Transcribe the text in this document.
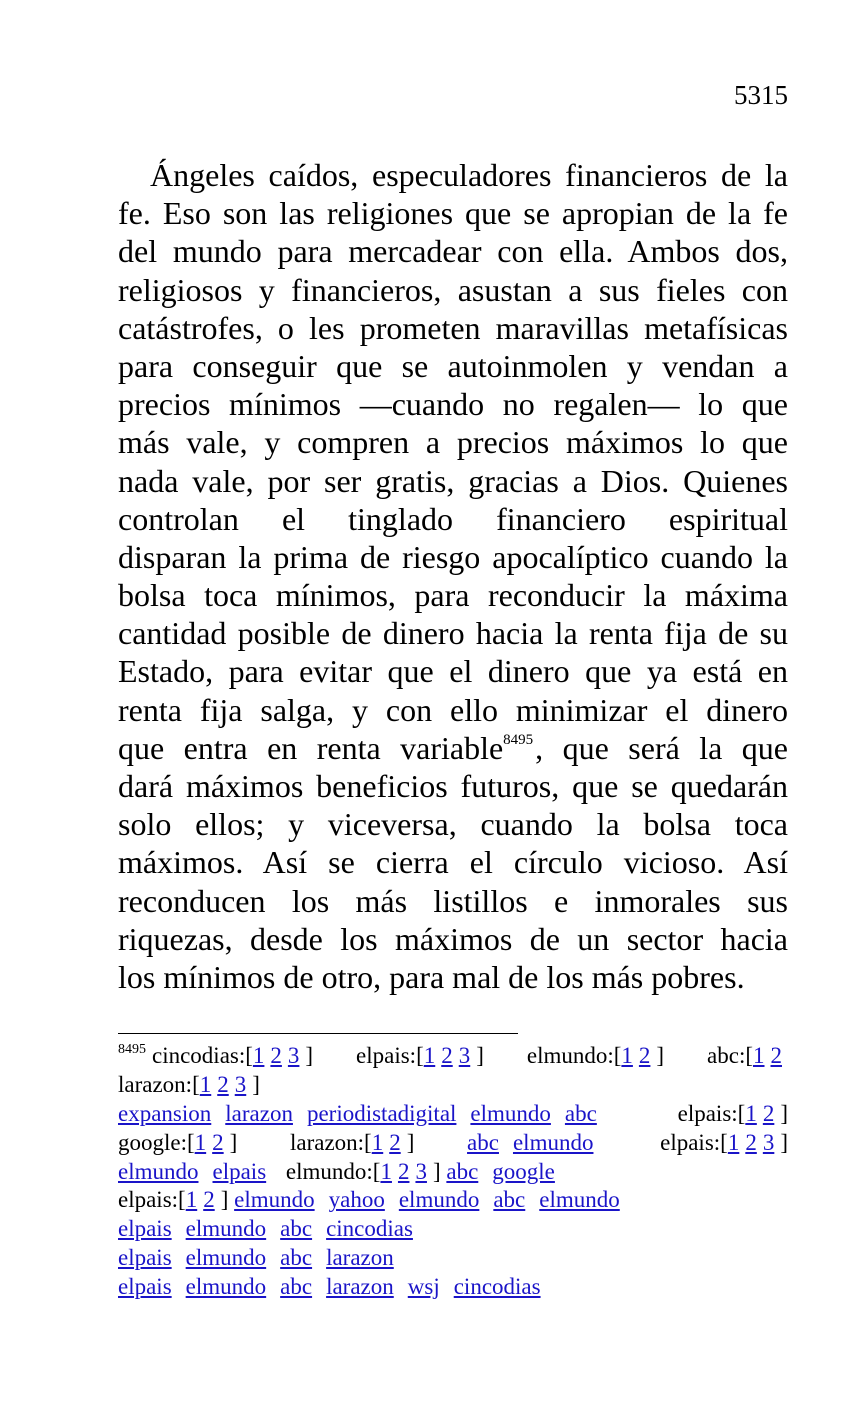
5315
Ángeles caídos, especuladores financieros de la
fe. Eso son las religiones que se apropian de la fe
del mundo para mercadear con ella. Ambos dos,
religiosos y financieros, asustan a sus fieles con
catástrofes, o les prometen maravillas metafísicas
para conseguir que se autoinmolen y vendan a
precios mínimos —cuando no regalen— lo que
más vale, y compren a precios máximos lo que
nada vale, por ser gratis, gracias a Dios. Quienes
controlan el tinglado financiero espiritual
disparan la prima de riesgo apocalíptico cuando la
bolsa toca mínimos, para reconducir la máxima
cantidad posible de dinero hacia la renta fija de su
Estado, para evitar que el dinero que ya está en
renta fija salga, y con ello minimizar el dinero
que entra en renta variable$^{8495}$, que será la que
dará máximos beneficios futuros, que se quedarán
solo ellos; y viceversa, cuando la bolsa toca
máximos. Así se cierra el círculo vicioso. Así
reconducen los más listillos e inmorales sus
riquezas, desde los máximos de un sector hacia
los mínimos de otro, para mal de los más pobres.
$^{8495}$ cincodias:[1 2 3 ] elpais:[1 2 3 ] elmundo:[1 2 ] abc:[1 2
larazon:[1 2 3 ]
expansion larazon periodistadigital elmundo abc	elpais:[1 2 ]
google:[1 2 ] larazon:[1 2 ] abc elmundo	elpais:[1 2 3 ]
elmundo elpais elmundo:[1 2 3 ] abc google
elpais:[1 2 ] elmundo yahoo elmundo abc elmundo
elpais elmundo abc cincodias
elpais elmundo abc larazon
elpais elmundo abc larazon wsj cincodias
